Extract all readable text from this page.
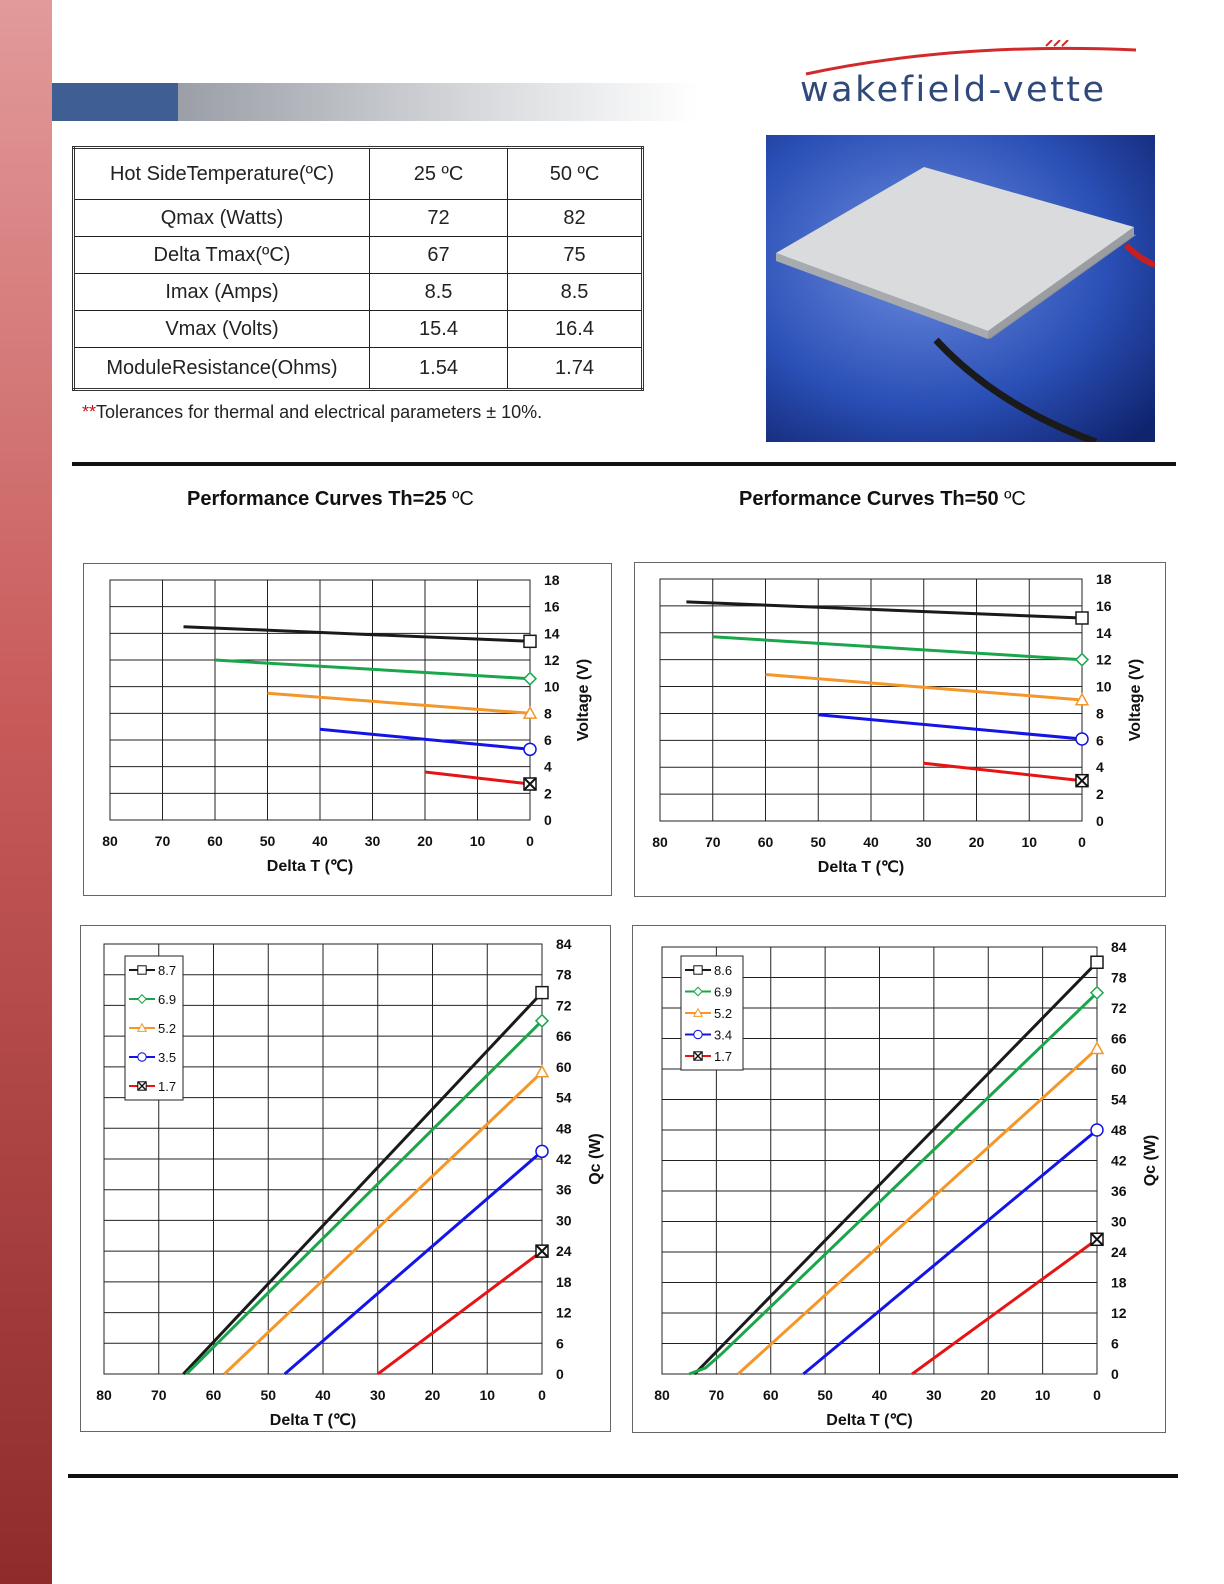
wakefield-vette
Hot SideTemperature(ºC)	25 ºC	50 ºC
Qmax (Watts)	72	82
Delta Tmax(ºC)	67	75
Imax (Amps)	8.5	8.5
Vmax (Volts)	15.4	16.4
ModuleResistance(Ohms)	1.54	1.74
**Tolerances for thermal and electrical parameters ± 10%.
Performance Curves Th=25 ºC	Performance Curves Th=50 ºC
80	70	60	50	40	30	20	10	0
0
2
4
6
8
10
12
14
16
18
Delta T (℃)
Voltage (V)
80	70	60	50	40	30	20	10	0
0
2
4
6
8
10
12
14
16
18
Delta T (℃)
Voltage (V)
80	70	60	50	40	30	20	10	0
0
6
12
18
24
30
36
42
48
54
60
66
72
78
84
Delta T (℃)
Qc (W)
8.7
6.9
5.2
3.5
1.7
80	70	60	50	40	30	20	10	0
0
6
12
18
24
30
36
42
48
54
60
66
72
78
84
Delta T (℃)
Qc (W)
8.6
6.9
5.2
3.4
1.7
